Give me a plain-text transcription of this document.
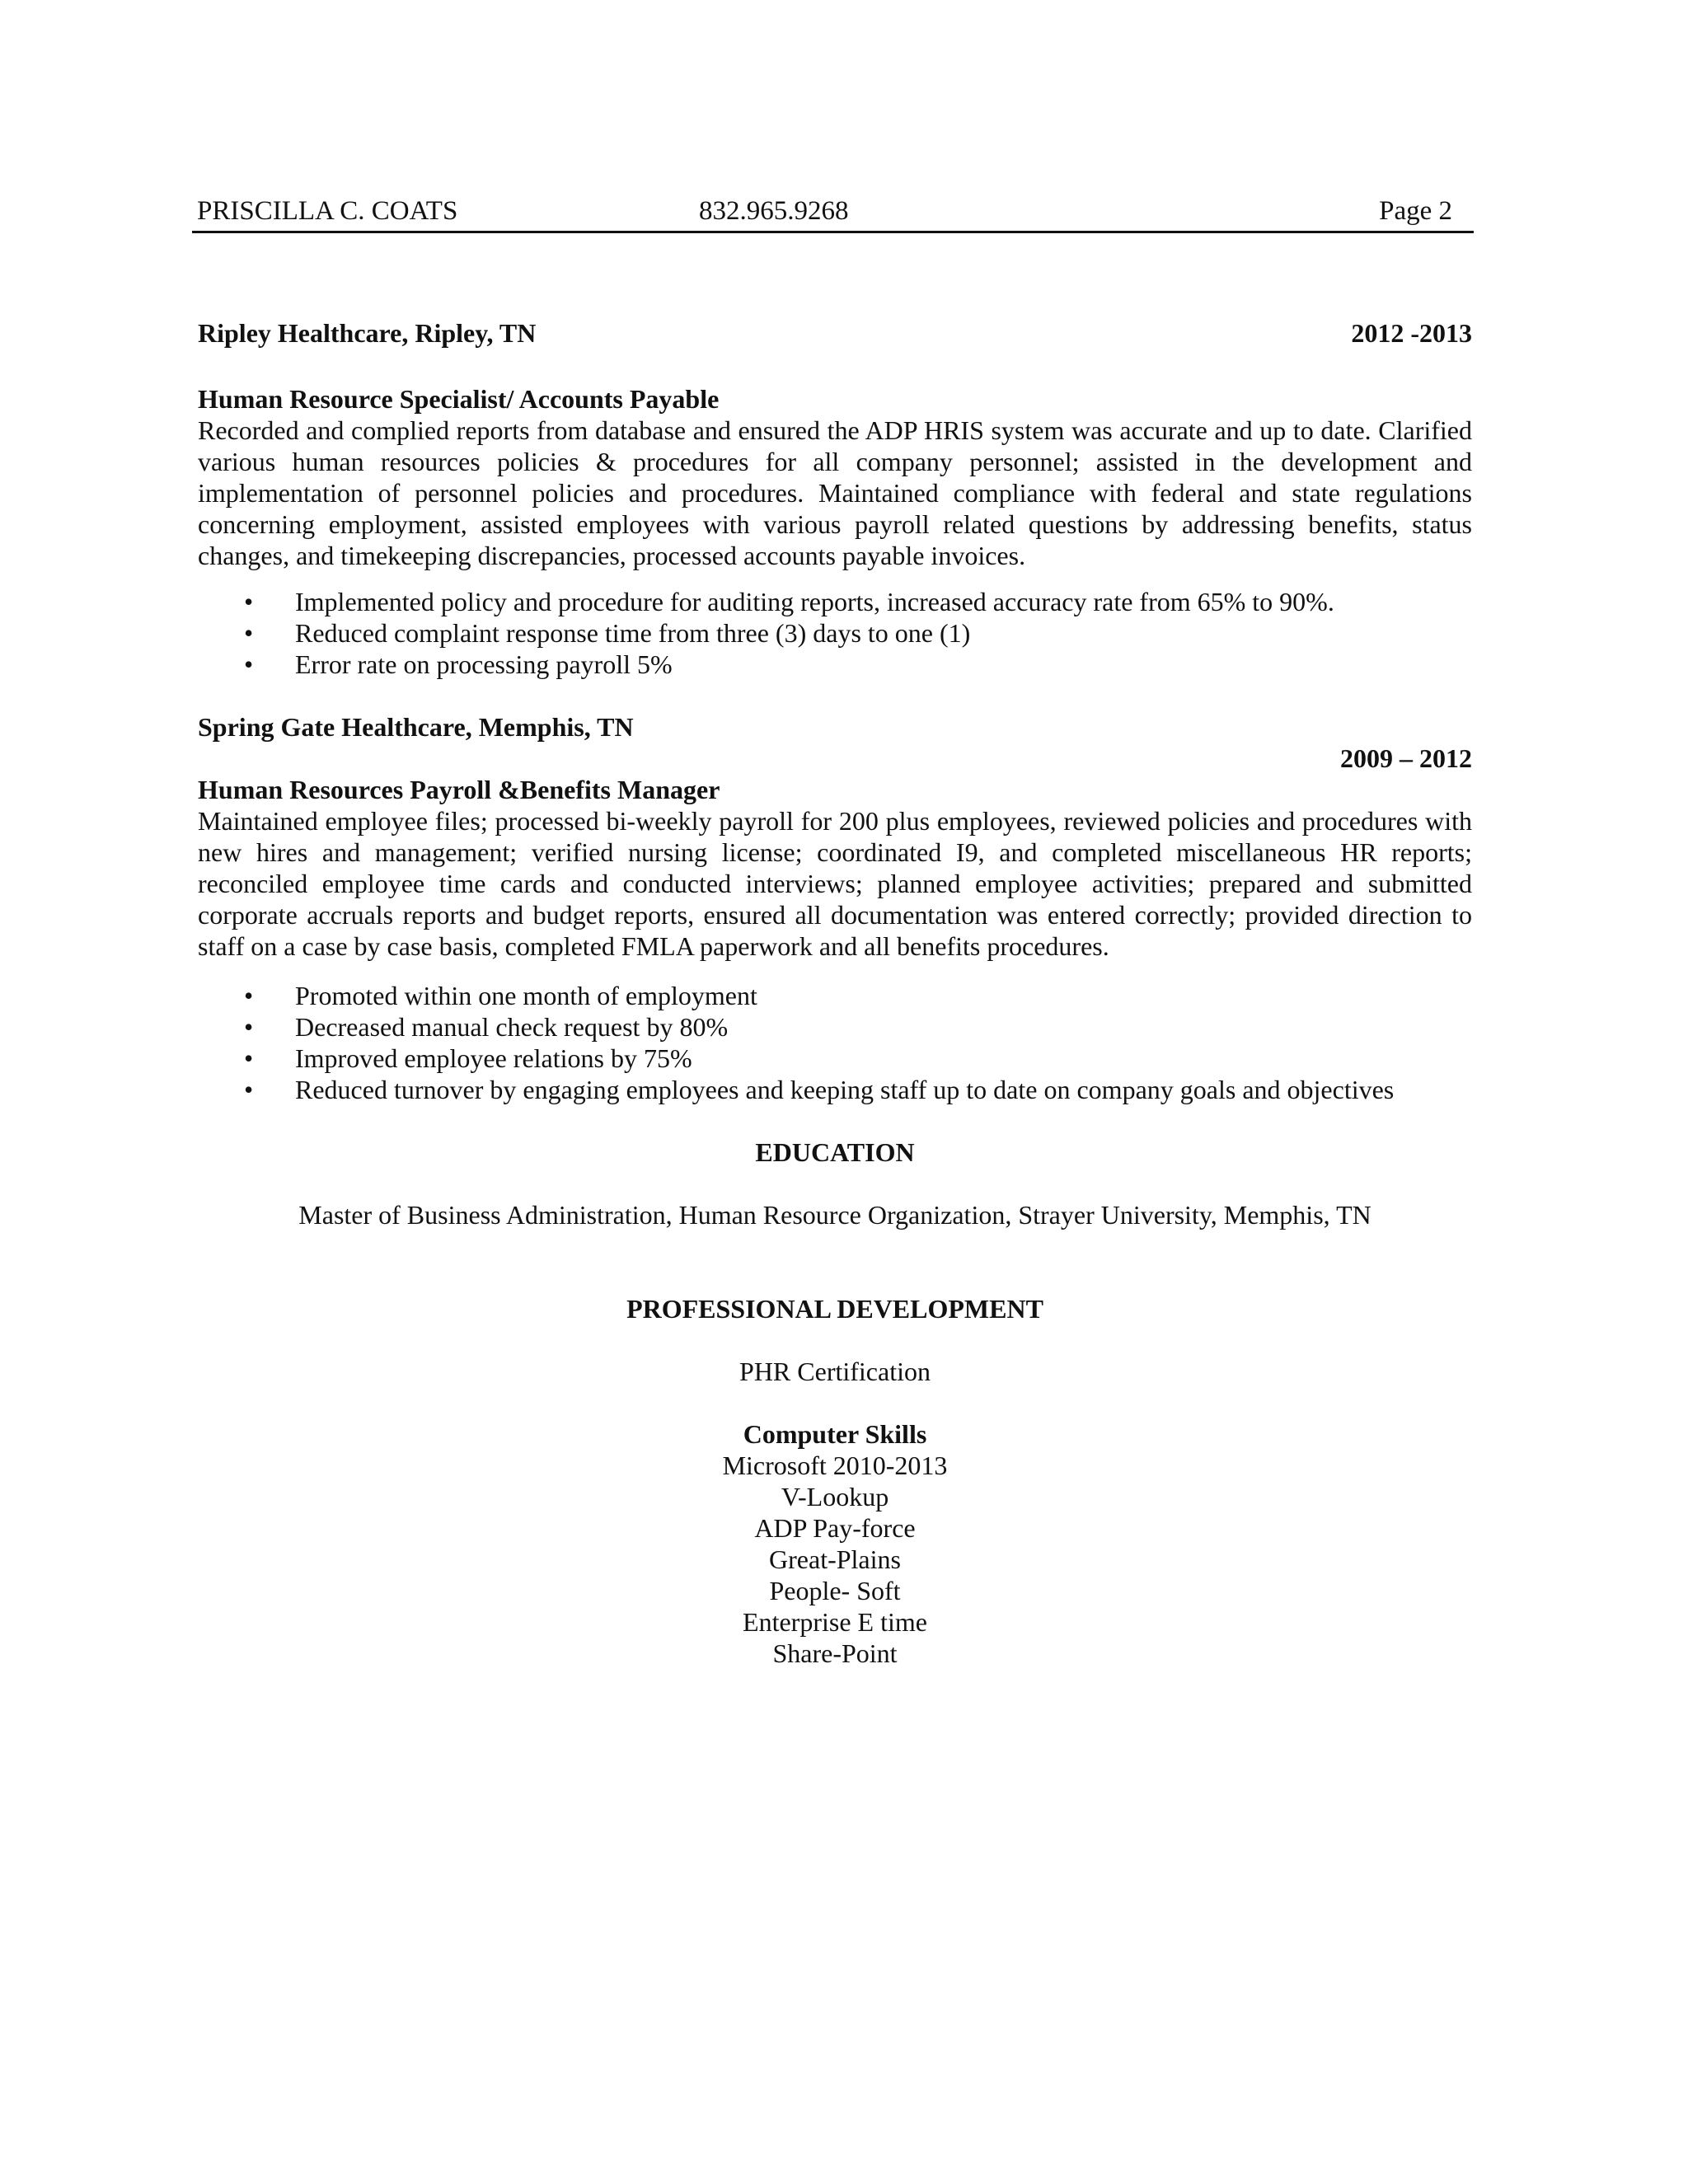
PRISCILLA C. COATS	832.965.9268	Page 2
Ripley Healthcare, Ripley, TN	2012 -2013
Human Resource Specialist/ Accounts Payable
Recorded and complied reports from database and ensured the ADP HRIS system was accurate and up to date. Clarified various human resources policies & procedures for all company personnel; assisted in the development and implementation of personnel policies and procedures. Maintained compliance with federal and state regulations concerning employment, assisted employees with various payroll related questions by addressing benefits, status changes, and timekeeping discrepancies, processed accounts payable invoices.
• Implemented policy and procedure for auditing reports, increased accuracy rate from 65% to 90%.
• Reduced complaint response time from three (3) days to one (1)
• Error rate on processing payroll 5%
Spring Gate Healthcare, Memphis, TN
2009 – 2012
Human Resources Payroll &Benefits Manager
Maintained employee files; processed bi-weekly payroll for 200 plus employees, reviewed policies and procedures with new hires and management; verified nursing license; coordinated I9, and completed miscellaneous HR reports; reconciled employee time cards and conducted interviews; planned employee activities; prepared and submitted corporate accruals reports and budget reports, ensured all documentation was entered correctly; provided direction to staff on a case by case basis, completed FMLA paperwork and all benefits procedures.
• Promoted within one month of employment
• Decreased manual check request by 80%
• Improved employee relations by 75%
• Reduced turnover by engaging employees and keeping staff up to date on company goals and objectives
EDUCATION
Master of Business Administration, Human Resource Organization, Strayer University, Memphis, TN
PROFESSIONAL DEVELOPMENT
PHR Certification
Computer Skills
Microsoft 2010-2013
V-Lookup
ADP Pay-force
Great-Plains
People- Soft
Enterprise E time
Share-Point
